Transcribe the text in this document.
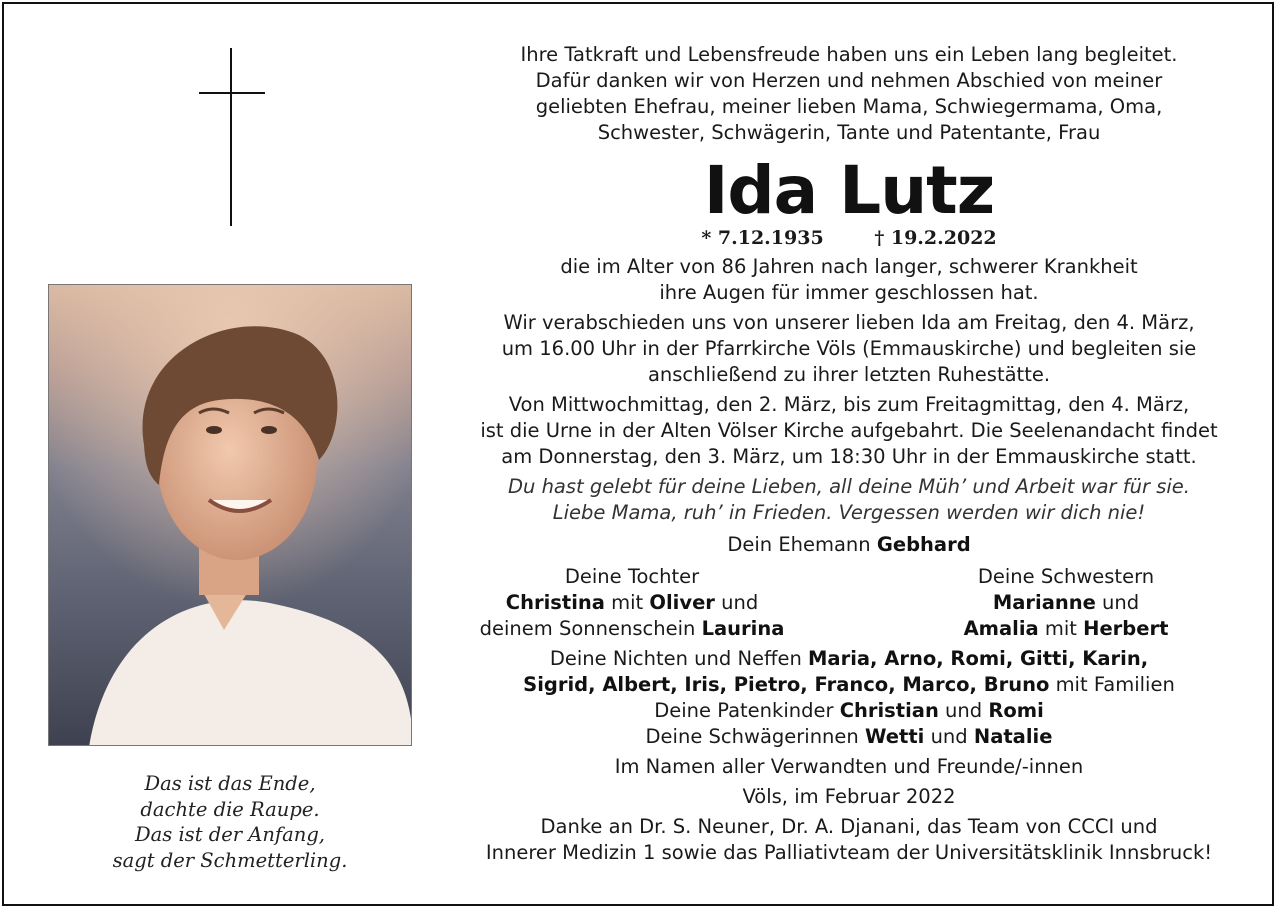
Das ist das Ende,
dachte die Raupe.
Das ist der Anfang,
sagt der Schmetterling.

Ihre Tatkraft und Lebensfreude haben uns ein Leben lang begleitet.

Dafür danken wir von Herzen und nehmen Abschied von meiner

geliebten Ehefrau, meiner lieben Mama, Schwiegermama, Oma,

Schwester, Schwägerin, Tante und Patentante, Frau

Ida Lutz

* 7.12.1935	† 19.2.2022

die im Alter von 86 Jahren nach langer, schwerer Krankheit

ihre Augen für immer geschlossen hat.

Wir verabschieden uns von unserer lieben Ida am Freitag, den 4. März,

um 16.00 Uhr in der Pfarrkirche Völs (Emmauskirche) und begleiten sie

anschließend zu ihrer letzten Ruhestätte.

Von Mittwochmittag, den 2. März, bis zum Freitagmittag, den 4. März,

ist die Urne in der Alten Völser Kirche aufgebahrt. Die Seelenandacht findet

am Donnerstag, den 3. März, um 18:30 Uhr in der Emmauskirche statt.

Du hast gelebt für deine Lieben, all deine Müh’ und Arbeit war für sie.

Liebe Mama, ruh’ in Frieden. Vergessen werden wir dich nie!

Dein Ehemann Gebhard

Deine Tochter
Christina mit Oliver und
deinem Sonnenschein Laurina
Deine Schwestern
Marianne und
Amalia mit Herbert

Deine Nichten und Neffen Maria, Arno, Romi, Gitti, Karin,

Sigrid, Albert, Iris, Pietro, Franco, Marco, Bruno mit Familien

Deine Patenkinder Christian und Romi

Deine Schwägerinnen Wetti und Natalie

Im Namen aller Verwandten und Freunde/-innen

Völs, im Februar 2022

Danke an Dr. S. Neuner, Dr. A. Djanani, das Team von CCCI und

Innerer Medizin 1 sowie das Palliativteam der Universitätsklinik Innsbruck!
